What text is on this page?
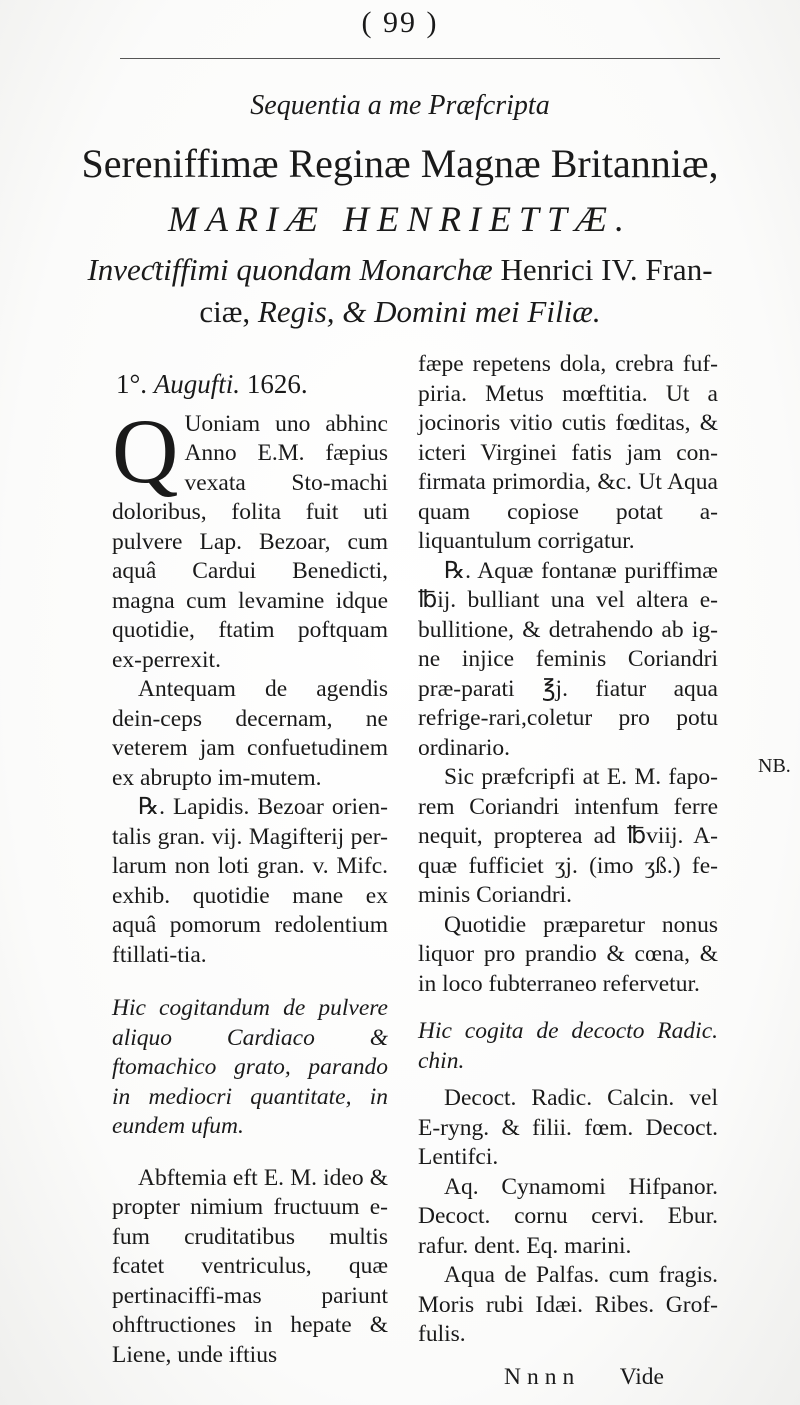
( 99 )
Sequentia a me Præfcripta
Sereniffimæ Reginæ Magnæ Britanniæ,
MARIÆ HENRIETTÆ.
Inveƈtiffimi quondam Monarchæ Henrici IV. Fran-
ciæ, Regis, & Domini mei Filiæ.

1°. Augufti. 1626.

Q Uoniam uno abhinc Anno E.M. fæpius vexata Sto-machi doloribus, folita fuit uti pulvere Lap. Bezoar, cum aquâ Cardui Benedicti, magna cum levamine idque quotidie, ftatim poftquam ex-perrexit.

Antequam de agendis dein-ceps decernam, ne veterem jam confuetudinem ex abrupto im-mutem.

℞. Lapidis. Bezoar orien-talis gran. vij. Magifterij per-larum non loti gran. v. Mifc. exhib. quotidie mane ex aquâ pomorum redolentium ftillati-tia.

Hic cogitandum de pulvere aliquo Cardiaco & ftomachico grato, parando in mediocri quantitate, in eundem ufum.

Abftemia eft E. M. ideo & propter nimium fructuum e-fum cruditatibus multis fcatet ventriculus, quæ pertinaciffi-mas pariunt ohftructiones in hepate & Liene, unde iftius

fæpe repetens dola, crebra fuf-piria. Metus mœftitia. Ut a jocinoris vitio cutis fœditas, & icteri Virginei fatis jam con-firmata primordia, &c. Ut Aqua quam copiose potat a-liquantulum corrigatur.

℞. Aquæ fontanæ puriffimæ ℔ij. bulliant una vel altera e-bullitione, & detrahendo ab ig-ne injice feminis Coriandri præ-parati ℥j. fiatur aqua refrige-rari,coletur pro potu ordinario.

Sic præfcripfi at E. M. fapo-rem Coriandri intenfum ferre nequit, propterea ad ℔viij. A-quæ fufficiet ʒj. (imo ʒß.) fe-minis Coriandri.

Quotidie præparetur nonus liquor pro prandio & cœna, & in loco fubterraneo refervetur.

Hic cogita de decocto Radic. chin.

Decoct. Radic. Calcin. vel E-ryng. & filii. fœm. Decoct. Lentifci.

Aq. Cynamomi Hifpanor. Decoct. cornu cervi. Ebur. rafur. dent. Eq. marini.

Aqua de Palfas. cum fragis. Moris rubi Idæi. Ribes. Grof-fulis.

NB.
Nnnn Vide
